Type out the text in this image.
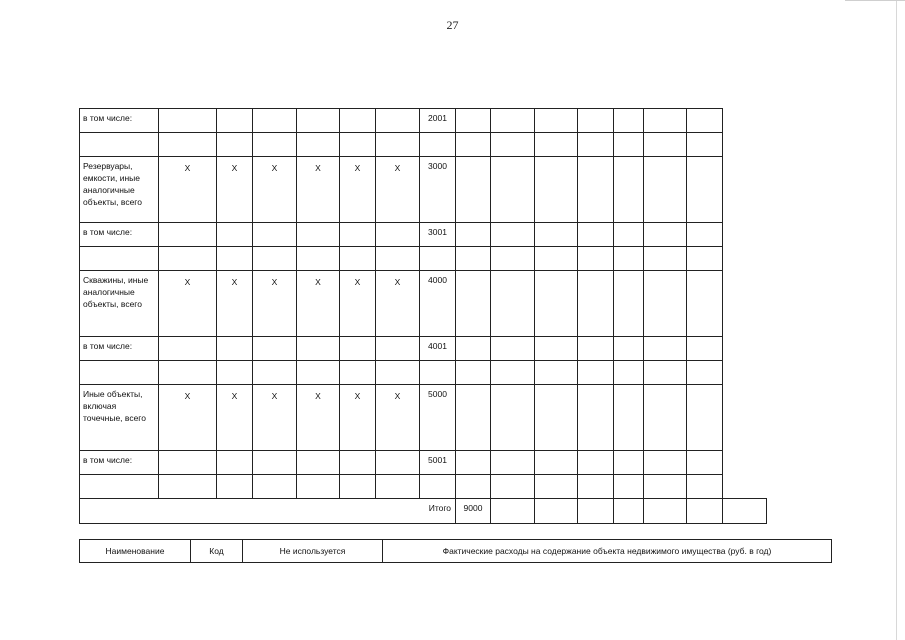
27
в том числе:							2001								

Резервуары, емкости, иные аналогичные объекты, всего	X	X	X	X	X	X	3000								
в том числе:							3001								

Скважины, иные аналогичные объекты, всего	X	X	X	X	X	X	4000								
в том числе:							4001								

Иные объекты, включая точечные, всего	X	X	X	X	X	X	5000								
в том числе:							5001								

Итого								9000							
Наименование	Код	Не используется	Фактические расходы на содержание объекта недвижимого имущества (руб. в год)
